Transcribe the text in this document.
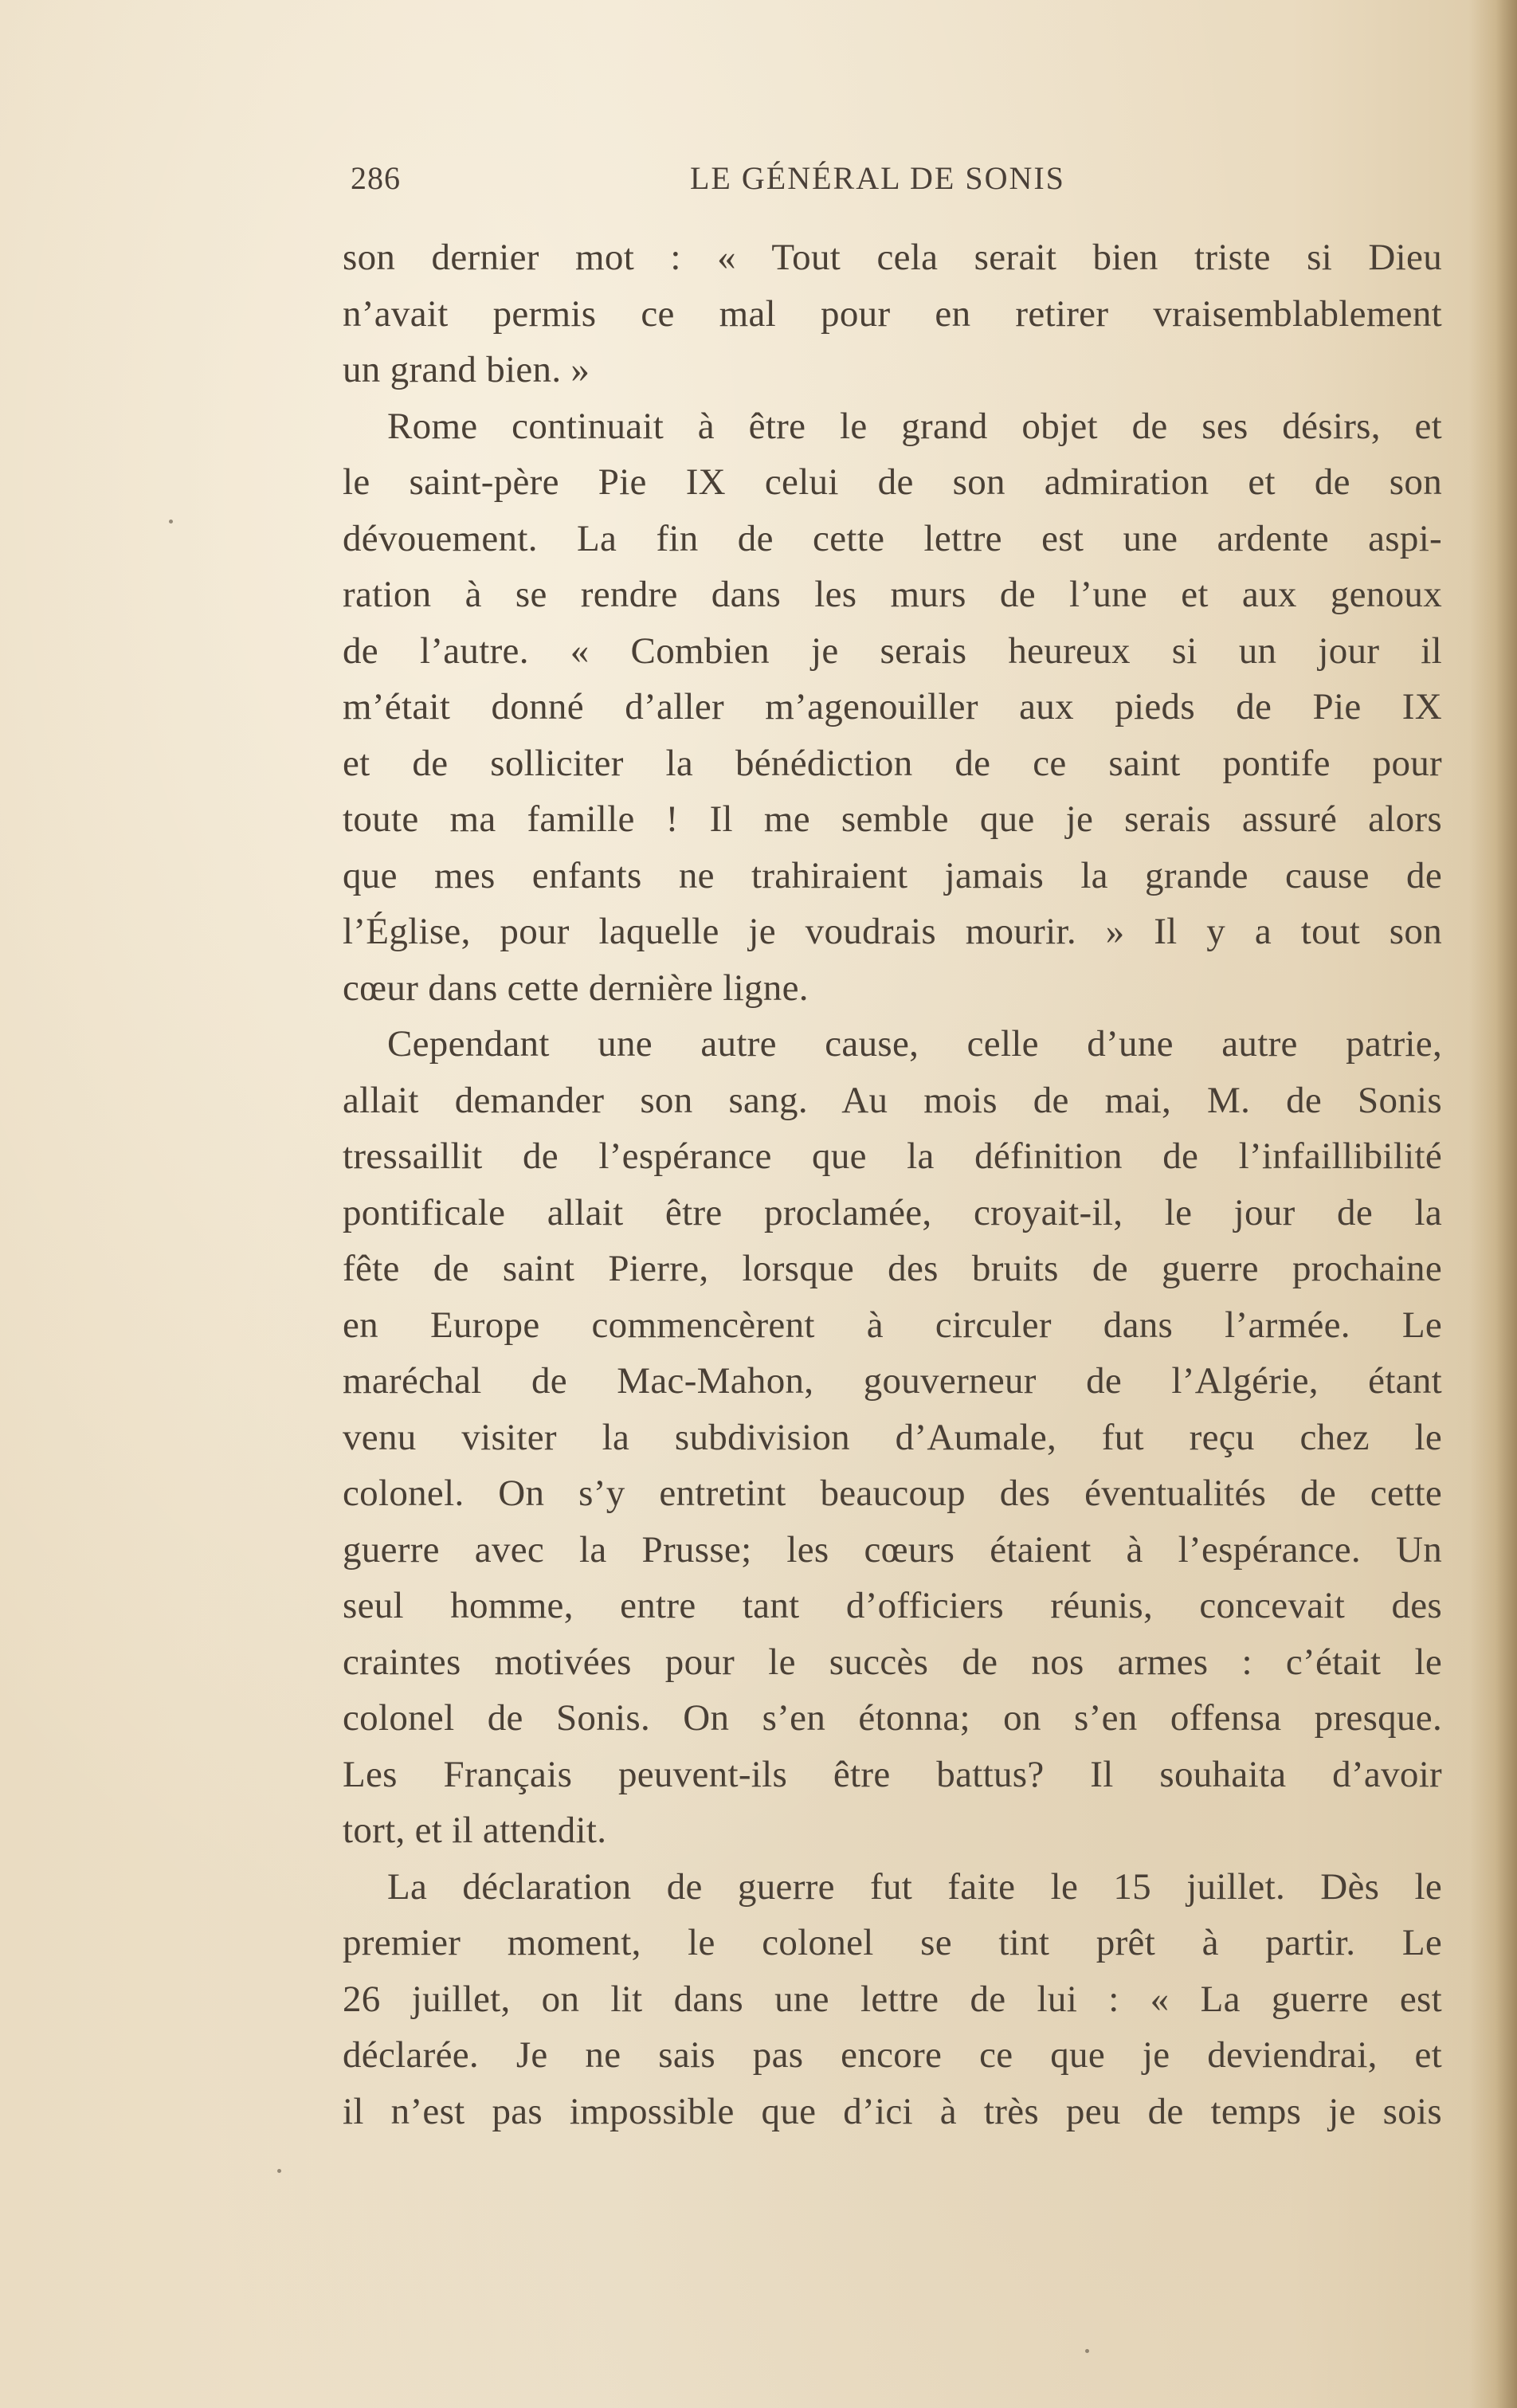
286	LE GÉNÉRAL DE SONIS
son dernier mot : « Tout cela serait bien triste si Dieu
n’avait permis ce mal pour en retirer vraisemblablement
un grand bien. »
Rome continuait à être le grand objet de ses désirs, et
le saint-père Pie IX celui de son admiration et de son
dévouement. La fin de cette lettre est une ardente aspi-
ration à se rendre dans les murs de l’une et aux genoux
de l’autre. « Combien je serais heureux si un jour il
m’était donné d’aller m’agenouiller aux pieds de Pie IX
et de solliciter la bénédiction de ce saint pontife pour
toute ma famille ! Il me semble que je serais assuré alors
que mes enfants ne trahiraient jamais la grande cause de
l’Église, pour laquelle je voudrais mourir. » Il y a tout son
cœur dans cette dernière ligne.
Cependant une autre cause, celle d’une autre patrie,
allait demander son sang. Au mois de mai, M. de Sonis
tressaillit de l’espérance que la définition de l’infaillibilité
pontificale allait être proclamée, croyait-il, le jour de la
fête de saint Pierre, lorsque des bruits de guerre prochaine
en Europe commencèrent à circuler dans l’armée. Le
maréchal de Mac-Mahon, gouverneur de l’Algérie, étant
venu visiter la subdivision d’Aumale, fut reçu chez le
colonel. On s’y entretint beaucoup des éventualités de cette
guerre avec la Prusse; les cœurs étaient à l’espérance. Un
seul homme, entre tant d’officiers réunis, concevait des
craintes motivées pour le succès de nos armes : c’était le
colonel de Sonis. On s’en étonna; on s’en offensa presque.
Les Français peuvent-ils être battus? Il souhaita d’avoir
tort, et il attendit.
La déclaration de guerre fut faite le 15 juillet. Dès le
premier moment, le colonel se tint prêt à partir. Le
26 juillet, on lit dans une lettre de lui : « La guerre est
déclarée. Je ne sais pas encore ce que je deviendrai, et
il n’est pas impossible que d’ici à très peu de temps je sois
